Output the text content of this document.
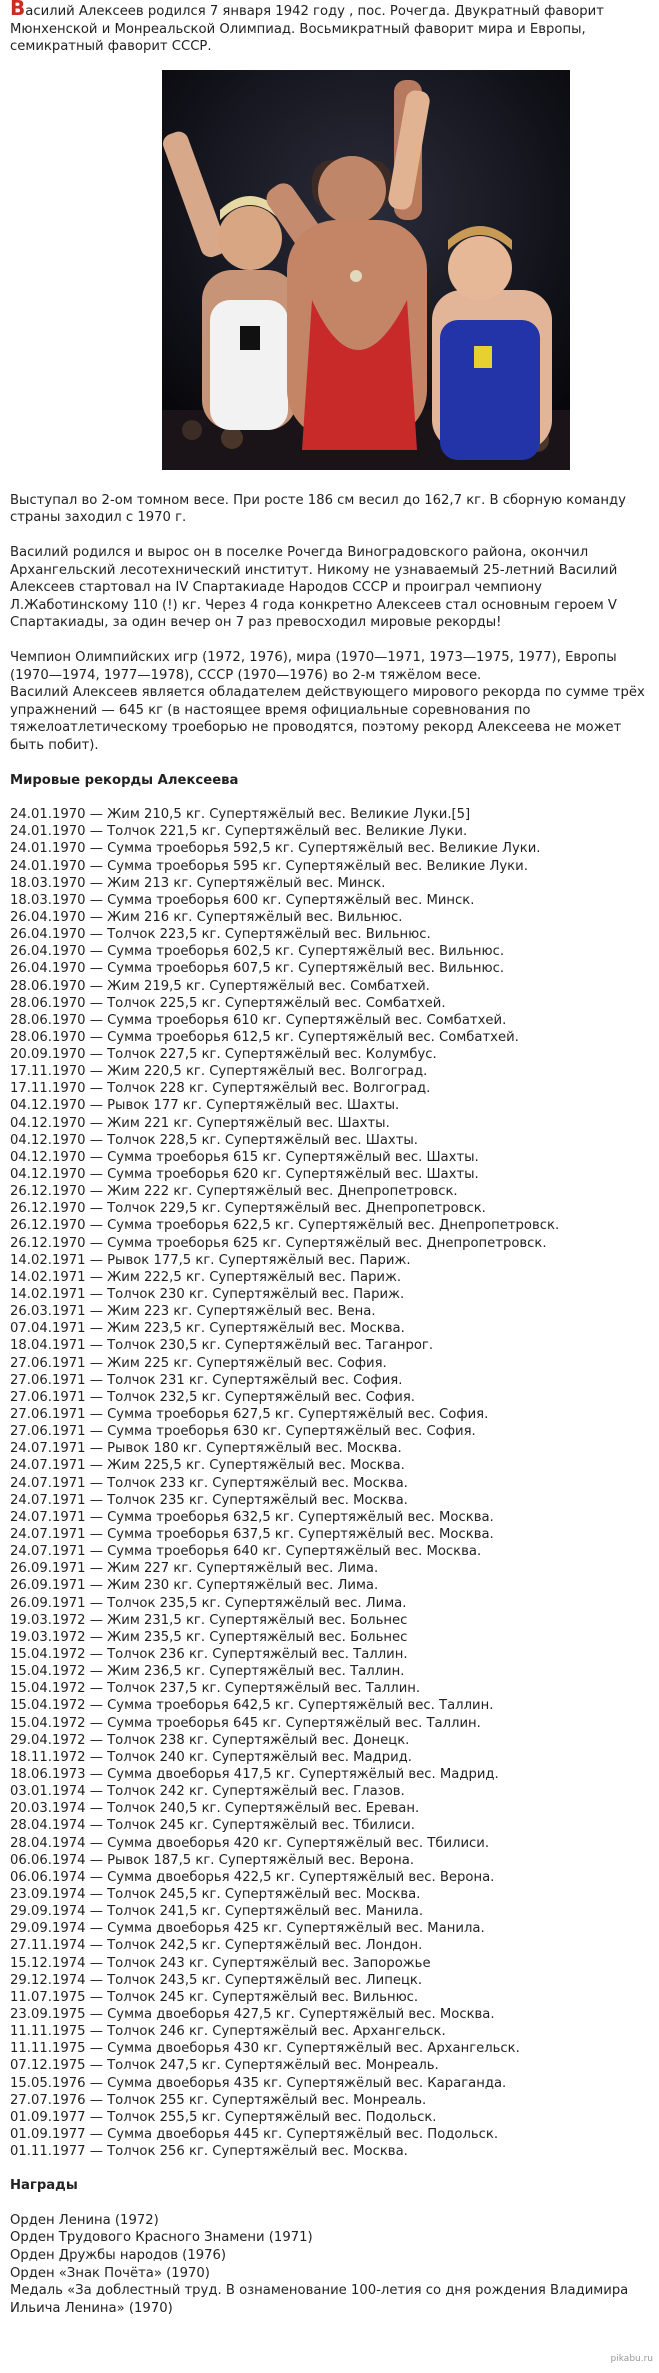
Василий Алексеев родился 7 января 1942 году , пос. Рочегда. Двукратный фаворит Мюнхенской и Монреальской Олимпиад. Восьмикратный фаворит мира и Европы, семикратный фаворит СССР.

Выступал во 2-ом томном весе. При росте 186 см весил до 162,7 кг. В сборную команду страны заходил с 1970 г.

Василий родился и вырос он в поселке Рочегда Виноградовского района, окончил Архангельский лесотехнический институт. Никому не узнаваемый 25-летний Василий Алексеев стартовал на IV Спартакиаде Народов СССР и проиграл чемпионy Л.Жаботинскому 110 (!) кг. Через 4 года конкретно Алексеев стал основным героем V Спартакиады, за один вечер он 7 раз превосходил мировые рекорды!

Чемпион Олимпийских игр (1972, 1976), мира (1970—1971, 1973—1975, 1977), Европы (1970—1974, 1977—1978), СССР (1970—1976) во 2-м тяжёлом весе.

Василий Алексеев является обладателем действующего мирового рекорда по сумме трёх упражнений — 645 кг (в настоящее время официальные соревнования по тяжелоатлетическому троеборью не проводятся, поэтому рекорд Алексеева не может быть побит).

Мировые рекорды Алексеева
24.01.1970 — Жим 210,5 кг. Супертяжёлый вес. Великие Луки.[5]
24.01.1970 — Толчок 221,5 кг. Супертяжёлый вес. Великие Луки.
24.01.1970 — Сумма троеборья 592,5 кг. Супертяжёлый вес. Великие Луки.
24.01.1970 — Сумма троеборья 595 кг. Супертяжёлый вес. Великие Луки.
18.03.1970 — Жим 213 кг. Супертяжёлый вес. Минск.
18.03.1970 — Сумма троеборья 600 кг. Супертяжёлый вес. Минск.
26.04.1970 — Жим 216 кг. Супертяжёлый вес. Вильнюс.
26.04.1970 — Толчок 223,5 кг. Супертяжёлый вес. Вильнюс.
26.04.1970 — Сумма троеборья 602,5 кг. Супертяжёлый вес. Вильнюс.
26.04.1970 — Сумма троеборья 607,5 кг. Супертяжёлый вес. Вильнюс.
28.06.1970 — Жим 219,5 кг. Супертяжёлый вес. Сомбатхей.
28.06.1970 — Толчок 225,5 кг. Супертяжёлый вес. Сомбатхей.
28.06.1970 — Сумма троеборья 610 кг. Супертяжёлый вес. Сомбатхей.
28.06.1970 — Сумма троеборья 612,5 кг. Супертяжёлый вес. Сомбатхей.
20.09.1970 — Толчок 227,5 кг. Супертяжёлый вес. Колумбус.
17.11.1970 — Жим 220,5 кг. Супертяжёлый вес. Волгоград.
17.11.1970 — Толчок 228 кг. Супертяжёлый вес. Волгоград.
04.12.1970 — Рывок 177 кг. Супертяжёлый вес. Шахты.
04.12.1970 — Жим 221 кг. Супертяжёлый вес. Шахты.
04.12.1970 — Толчок 228,5 кг. Супертяжёлый вес. Шахты.
04.12.1970 — Сумма троеборья 615 кг. Супертяжёлый вес. Шахты.
04.12.1970 — Сумма троеборья 620 кг. Супертяжёлый вес. Шахты.
26.12.1970 — Жим 222 кг. Супертяжёлый вес. Днепропетровск.
26.12.1970 — Толчок 229,5 кг. Супертяжёлый вес. Днепропетровск.
26.12.1970 — Сумма троеборья 622,5 кг. Супертяжёлый вес. Днепропетровск.
26.12.1970 — Сумма троеборья 625 кг. Супертяжёлый вес. Днепропетровск.
14.02.1971 — Рывок 177,5 кг. Супертяжёлый вес. Париж.
14.02.1971 — Жим 222,5 кг. Супертяжёлый вес. Париж.
14.02.1971 — Толчок 230 кг. Супертяжёлый вес. Париж.
26.03.1971 — Жим 223 кг. Супертяжёлый вес. Вена.
07.04.1971 — Жим 223,5 кг. Супертяжёлый вес. Москва.
18.04.1971 — Толчок 230,5 кг. Супертяжёлый вес. Таганрог.
27.06.1971 — Жим 225 кг. Супертяжёлый вес. София.
27.06.1971 — Толчок 231 кг. Супертяжёлый вес. София.
27.06.1971 — Толчок 232,5 кг. Супертяжёлый вес. София.
27.06.1971 — Сумма троеборья 627,5 кг. Супертяжёлый вес. София.
27.06.1971 — Сумма троеборья 630 кг. Супертяжёлый вес. София.
24.07.1971 — Рывок 180 кг. Супертяжёлый вес. Москва.
24.07.1971 — Жим 225,5 кг. Супертяжёлый вес. Москва.
24.07.1971 — Толчок 233 кг. Супертяжёлый вес. Москва.
24.07.1971 — Толчок 235 кг. Супертяжёлый вес. Москва.
24.07.1971 — Сумма троеборья 632,5 кг. Супертяжёлый вес. Москва.
24.07.1971 — Сумма троеборья 637,5 кг. Супертяжёлый вес. Москва.
24.07.1971 — Сумма троеборья 640 кг. Супертяжёлый вес. Москва.
26.09.1971 — Жим 227 кг. Супертяжёлый вес. Лима.
26.09.1971 — Жим 230 кг. Супертяжёлый вес. Лима.
26.09.1971 — Толчок 235,5 кг. Супертяжёлый вес. Лима.
19.03.1972 — Жим 231,5 кг. Супертяжёлый вес. Больнес
19.03.1972 — Жим 235,5 кг. Супертяжёлый вес. Больнес
15.04.1972 — Толчок 236 кг. Супертяжёлый вес. Таллин.
15.04.1972 — Жим 236,5 кг. Супертяжёлый вес. Таллин.
15.04.1972 — Толчок 237,5 кг. Супертяжёлый вес. Таллин.
15.04.1972 — Сумма троеборья 642,5 кг. Супертяжёлый вес. Таллин.
15.04.1972 — Сумма троеборья 645 кг. Супертяжёлый вес. Таллин.
29.04.1972 — Толчок 238 кг. Супертяжёлый вес. Донецк.
18.11.1972 — Толчок 240 кг. Супертяжёлый вес. Мадрид.
18.06.1973 — Сумма двоеборья 417,5 кг. Супертяжёлый вес. Мадрид.
03.01.1974 — Толчок 242 кг. Супертяжёлый вес. Глазов.
20.03.1974 — Толчок 240,5 кг. Супертяжёлый вес. Ереван.
28.04.1974 — Толчок 245 кг. Супертяжёлый вес. Тбилиси.
28.04.1974 — Сумма двоеборья 420 кг. Супертяжёлый вес. Тбилиси.
06.06.1974 — Рывок 187,5 кг. Супертяжёлый вес. Верона.
06.06.1974 — Сумма двоеборья 422,5 кг. Супертяжёлый вес. Верона.
23.09.1974 — Толчок 245,5 кг. Супертяжёлый вес. Москва.
29.09.1974 — Толчок 241,5 кг. Супертяжёлый вес. Манила.
29.09.1974 — Сумма двоеборья 425 кг. Супертяжёлый вес. Манила.
27.11.1974 — Толчок 242,5 кг. Супертяжёлый вес. Лондон.
15.12.1974 — Толчок 243 кг. Супертяжёлый вес. Запорожье
29.12.1974 — Толчок 243,5 кг. Супертяжёлый вес. Липецк.
11.07.1975 — Толчок 245 кг. Супертяжёлый вес. Вильнюс.
23.09.1975 — Сумма двоеборья 427,5 кг. Супертяжёлый вес. Москва.
11.11.1975 — Толчок 246 кг. Супертяжёлый вес. Архангельск.
11.11.1975 — Сумма двоеборья 430 кг. Супертяжёлый вес. Архангельск.
07.12.1975 — Толчок 247,5 кг. Супертяжёлый вес. Монреаль.
15.05.1976 — Сумма двоеборья 435 кг. Супертяжёлый вес. Караганда.
27.07.1976 — Толчок 255 кг. Супертяжёлый вес. Монреаль.
01.09.1977 — Толчок 255,5 кг. Супертяжёлый вес. Подольск.
01.09.1977 — Сумма двоеборья 445 кг. Супертяжёлый вес. Подольск.
01.11.1977 — Толчок 256 кг. Супертяжёлый вес. Москва.
Награды
Орден Ленина (1972)
Орден Трудового Красного Знамени (1971)
Орден Дружбы народов (1976)
Орден «Знак Почёта» (1970)
Медаль «За доблестный труд. В ознаменование 100-летия со дня рождения Владимира Ильича Ленина» (1970)
pikabu.ru
